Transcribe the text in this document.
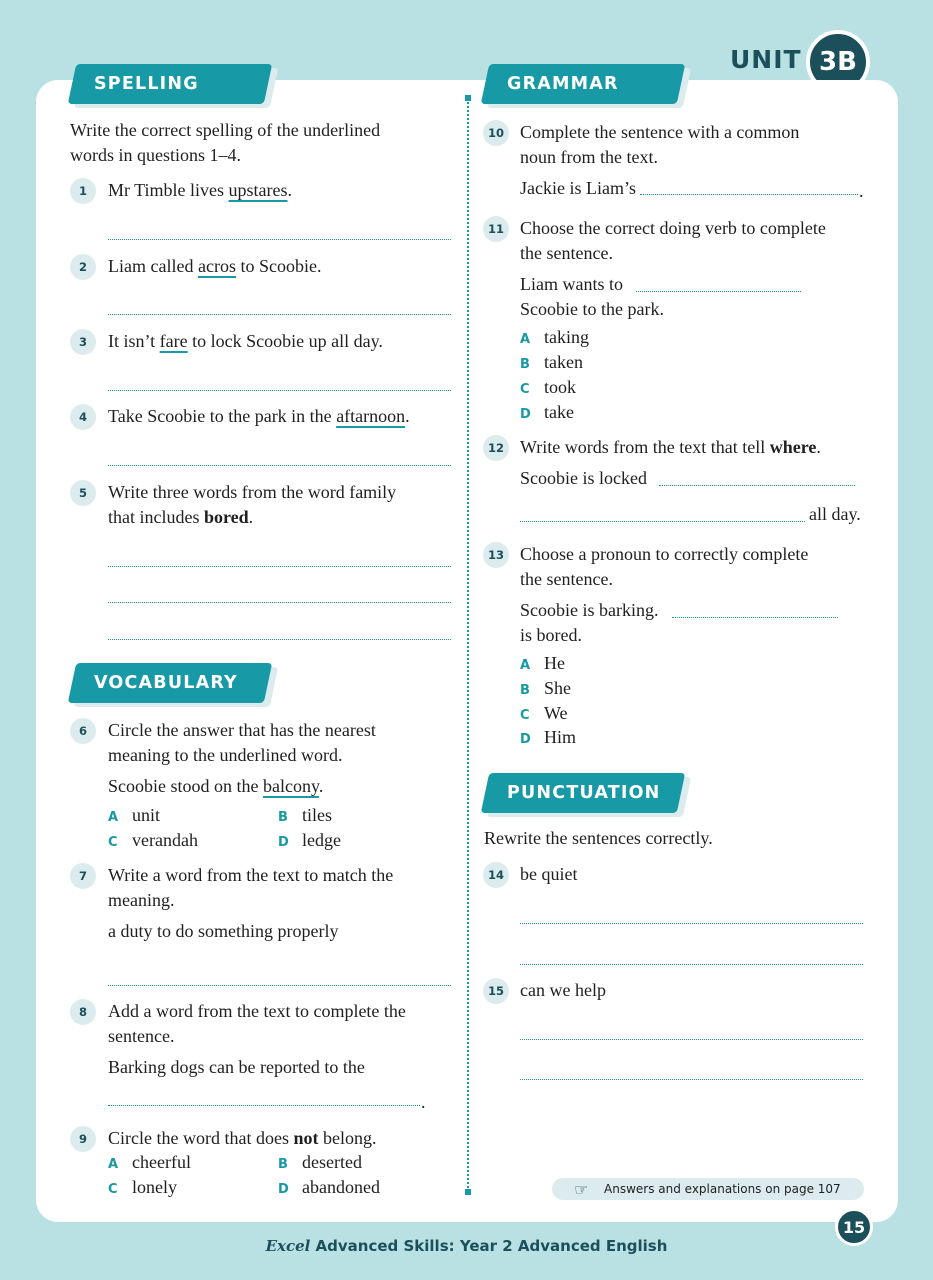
UNIT 3B
SPELLING
Write the correct spelling of the underlined
words in questions 1–4.
1	Mr Timble lives upstares.
2	Liam called acros to Scoobie.
3	It isn’t fare to lock Scoobie up all day.
4	Take Scoobie to the park in the aftarnoon.
5	Write three words from the word family
that includes bored.
VOCABULARY
6	Circle the answer that has the nearest
meaning to the underlined word.
Scoobie stood on the balcony.
A unit	B tiles
C verandah	D ledge
7	Write a word from the text to match the
meaning.
a duty to do something properly
8	Add a word from the text to complete the
sentence.
Barking dogs can be reported to the
.
9	Circle the word that does not belong.
A cheerful	B deserted
C lonely	D abandoned
GRAMMAR
10 Complete the sentence with a common
noun from the text.
Jackie is Liam’s	.
11 Choose the correct doing verb to complete
the sentence.
Liam wants to
Scoobie to the park.
A taking
B taken
C took
D take
12 Write words from the text that tell where.
Scoobie is locked
all day.
13 Choose a pronoun to correctly complete
the sentence.
Scoobie is barking.
is bored.
A He
B She
C We
D Him
PUNCTUATION
Rewrite the sentences correctly.
14 be quiet
15 can we help
☞	Answers and explanations on page 107
15
Excel Advanced Skills: Year 2 Advanced English
